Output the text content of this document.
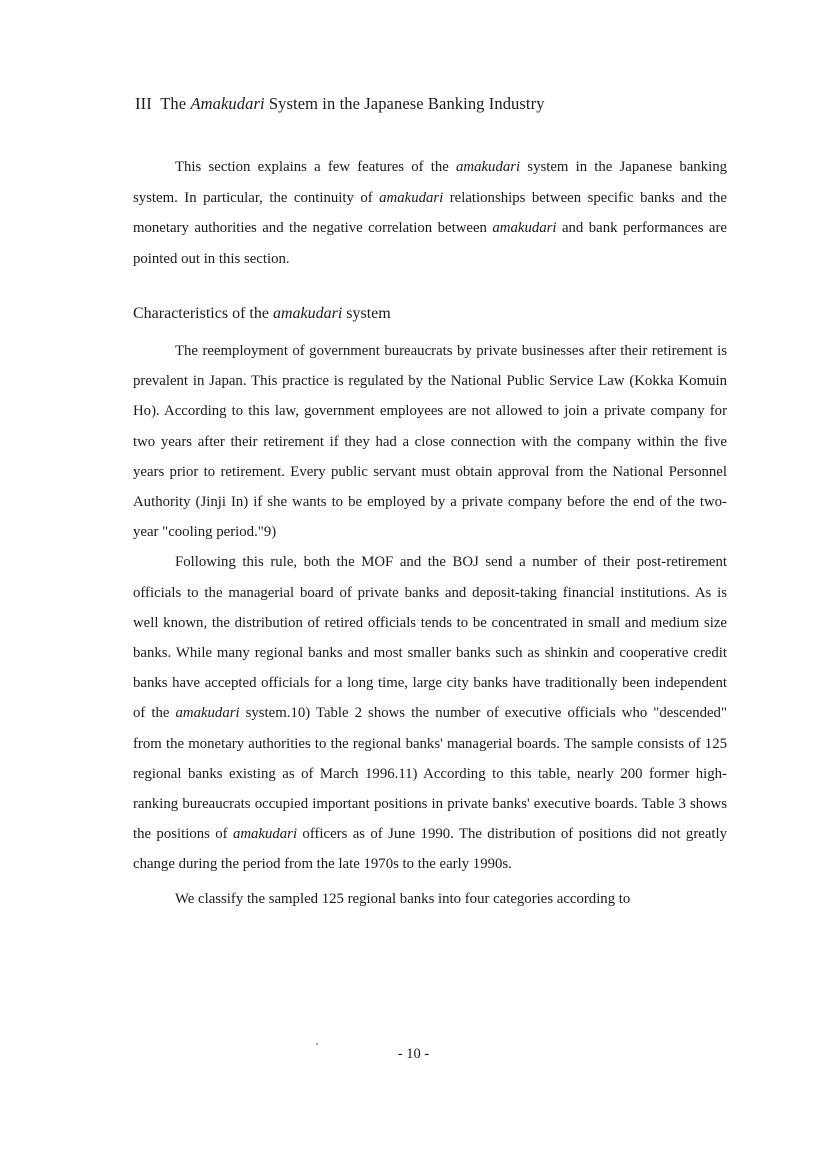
III The Amakudari System in the Japanese Banking Industry

This section explains a few features of the amakudari system in the Japanese banking system. In particular, the continuity of amakudari relationships between specific banks and the monetary authorities and the negative correlation between amakudari and bank performances are pointed out in this section.

Characteristics of the amakudari system

The reemployment of government bureaucrats by private businesses after their retirement is prevalent in Japan. This practice is regulated by the National Public Service Law (Kokka Komuin Ho). According to this law, government employees are not allowed to join a private company for two years after their retirement if they had a close connection with the company within the five years prior to retirement. Every public servant must obtain approval from the National Personnel Authority (Jinji In) if she wants to be employed by a private company before the end of the two-year "cooling period."9)

Following this rule, both the MOF and the BOJ send a number of their post-retirement officials to the managerial board of private banks and deposit-taking financial institutions. As is well known, the distribution of retired officials tends to be concentrated in small and medium size banks. While many regional banks and most smaller banks such as shinkin and cooperative credit banks have accepted officials for a long time, large city banks have traditionally been independent of the amakudari system.10) Table 2 shows the number of executive officials who "descended" from the monetary authorities to the regional banks' managerial boards. The sample consists of 125 regional banks existing as of March 1996.11) According to this table, nearly 200 former high-ranking bureaucrats occupied important positions in private banks' executive boards. Table 3 shows the positions of amakudari officers as of June 1990. The distribution of positions did not greatly change during the period from the late 1970s to the early 1990s.

We classify the sampled 125 regional banks into four categories according to

- 10 -
